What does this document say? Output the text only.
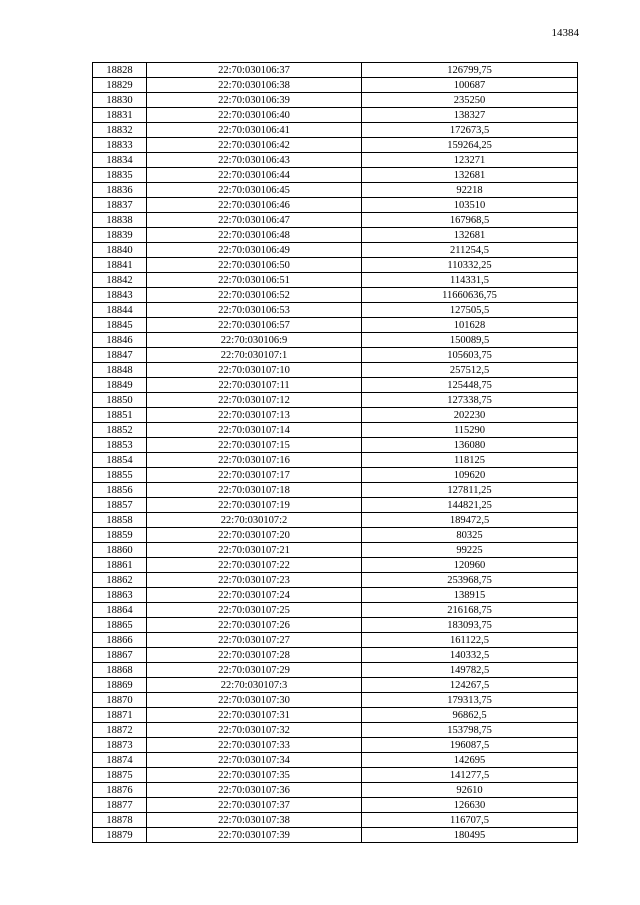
14384
18828	22:70:030106:37	126799,75
18829	22:70:030106:38	100687
18830	22:70:030106:39	235250
18831	22:70:030106:40	138327
18832	22:70:030106:41	172673,5
18833	22:70:030106:42	159264,25
18834	22:70:030106:43	123271
18835	22:70:030106:44	132681
18836	22:70:030106:45	92218
18837	22:70:030106:46	103510
18838	22:70:030106:47	167968,5
18839	22:70:030106:48	132681
18840	22:70:030106:49	211254,5
18841	22:70:030106:50	110332,25
18842	22:70:030106:51	114331,5
18843	22:70:030106:52	11660636,75
18844	22:70:030106:53	127505,5
18845	22:70:030106:57	101628
18846	22:70:030106:9	150089,5
18847	22:70:030107:1	105603,75
18848	22:70:030107:10	257512,5
18849	22:70:030107:11	125448,75
18850	22:70:030107:12	127338,75
18851	22:70:030107:13	202230
18852	22:70:030107:14	115290
18853	22:70:030107:15	136080
18854	22:70:030107:16	118125
18855	22:70:030107:17	109620
18856	22:70:030107:18	127811,25
18857	22:70:030107:19	144821,25
18858	22:70:030107:2	189472,5
18859	22:70:030107:20	80325
18860	22:70:030107:21	99225
18861	22:70:030107:22	120960
18862	22:70:030107:23	253968,75
18863	22:70:030107:24	138915
18864	22:70:030107:25	216168,75
18865	22:70:030107:26	183093,75
18866	22:70:030107:27	161122,5
18867	22:70:030107:28	140332,5
18868	22:70:030107:29	149782,5
18869	22:70:030107:3	124267,5
18870	22:70:030107:30	179313,75
18871	22:70:030107:31	96862,5
18872	22:70:030107:32	153798,75
18873	22:70:030107:33	196087,5
18874	22:70:030107:34	142695
18875	22:70:030107:35	141277,5
18876	22:70:030107:36	92610
18877	22:70:030107:37	126630
18878	22:70:030107:38	116707,5
18879	22:70:030107:39	180495
